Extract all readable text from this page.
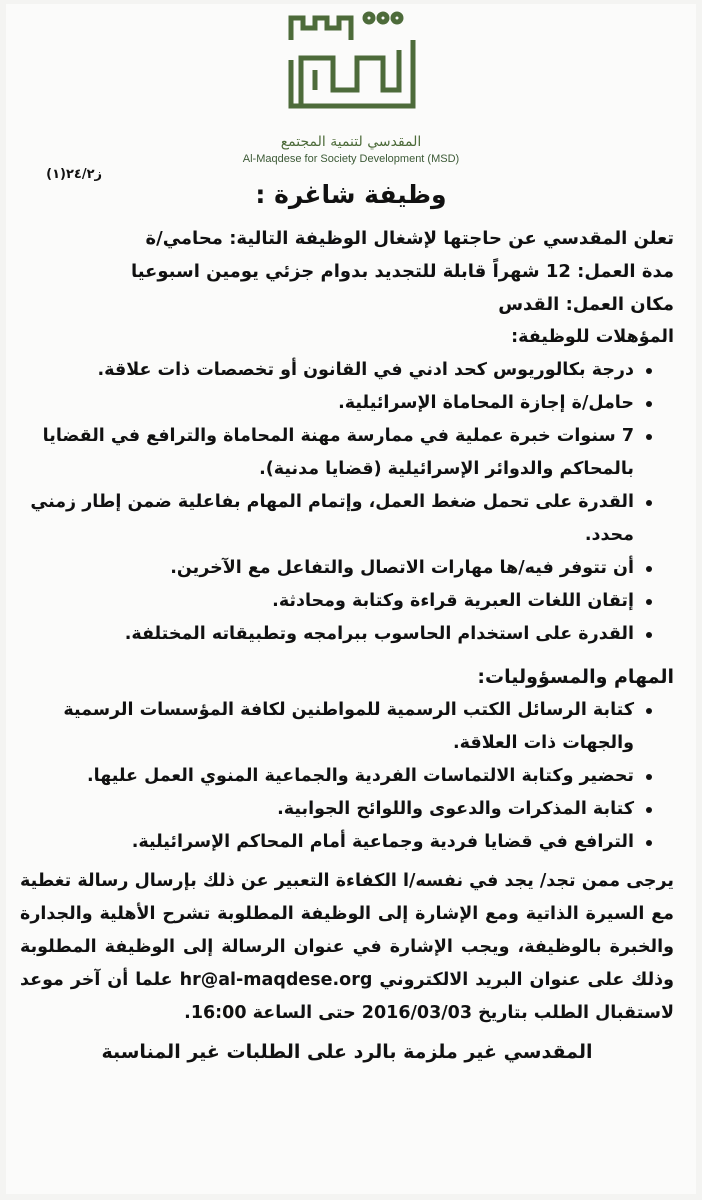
المقدسي لتنمية المجتمع
Al-Maqdese for Society Development (MSD)
ز٢٤/٢(١)
وظيفة شاغرة :
تعلن المقدسي عن حاجتها لإشغال الوظيفة التالية: محامي/ة
مدة العمل: 12 شهراً قابلة للتجديد بدوام جزئي يومين اسبوعيا
مكان العمل: القدس
المؤهلات للوظيفة:
درجة بكالوريوس كحد ادني في القانون أو تخصصات ذات علاقة.
حامل/ة إجازة المحاماة الإسرائيلية.
7 سنوات خبرة عملية في ممارسة مهنة المحاماة والترافع في القضايا بالمحاكم والدوائر الإسرائيلية (قضايا مدنية).
القدرة على تحمل ضغط العمل، وإتمام المهام بفاعلية ضمن إطار زمني محدد.
أن تتوفر فيه/ها مهارات الاتصال والتفاعل مع الآخرين.
إتقان اللغات العبرية قراءة وكتابة ومحادثة.
القدرة على استخدام الحاسوب ببرامجه وتطبيقاته المختلفة.
المهام والمسؤوليات:
كتابة الرسائل الكتب الرسمية للمواطنين لكافة المؤسسات الرسمية والجهات ذات العلاقة.
تحضير وكتابة الالتماسات الفردية والجماعية المنوي العمل عليها.
كتابة المذكرات والدعوى واللوائح الجوابية.
الترافع في قضايا فردية وجماعية أمام المحاكم الإسرائيلية.
يرجى ممن تجد/ يجد في نفسه/ا الكفاءة التعبير عن ذلك بإرسال رسالة تغطية مع السيرة الذاتية ومع الإشارة إلى الوظيفة المطلوبة تشرح الأهلية والجدارة والخبرة بالوظيفة، ويجب الإشارة في عنوان الرسالة إلى الوظيفة المطلوبة وذلك على عنوان البريد الالكتروني hr@al-maqdese.org علما أن آخر موعد لاستقبال الطلب بتاريخ 2016/03/03 حتى الساعة 16:00.
المقدسي غير ملزمة بالرد على الطلبات غير المناسبة
